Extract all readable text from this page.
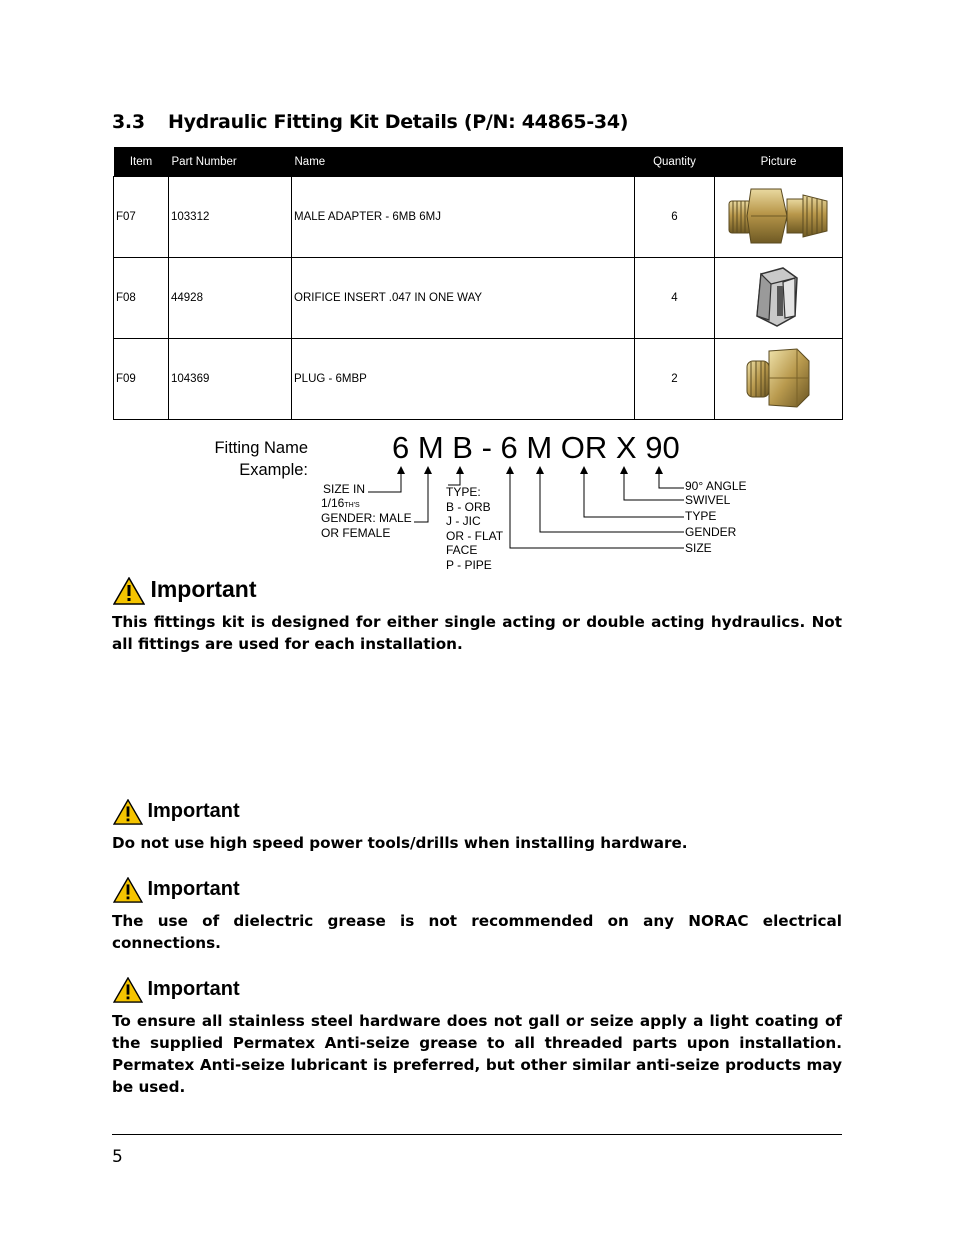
3.3 Hydraulic Fitting Kit Details (P/N: 44865-34)
Item	Part Number	Name	Quantity	Picture
F07	103312	MALE ADAPTER - 6MB 6MJ	6	
F08	44928	ORIFICE INSERT .047 IN ONE WAY	4	
F09	104369	PLUG - 6MBP	2	
Fitting Name
Example:
6 M B - 6 M OR X 90
SIZE IN
1/16TH'S
GENDER: MALE
OR FEMALE
TYPE:
B - ORB
J - JIC
OR - FLAT
FACE
P - PIPE
90° ANGLE
SWIVEL
TYPE
GENDER
SIZE
Important
This fittings kit is designed for either single acting or double acting hydraulics. Not all fittings are used for each installation.
Important
Do not use high speed power tools/drills when installing hardware.
Important
The use of dielectric grease is not recommended on any NORAC electrical connections.
Important
To ensure all stainless steel hardware does not gall or seize apply a light coating of the supplied Permatex Anti-seize grease to all threaded parts upon installation. Permatex Anti-seize lubricant is preferred, but other similar anti-seize products may be used.
5
